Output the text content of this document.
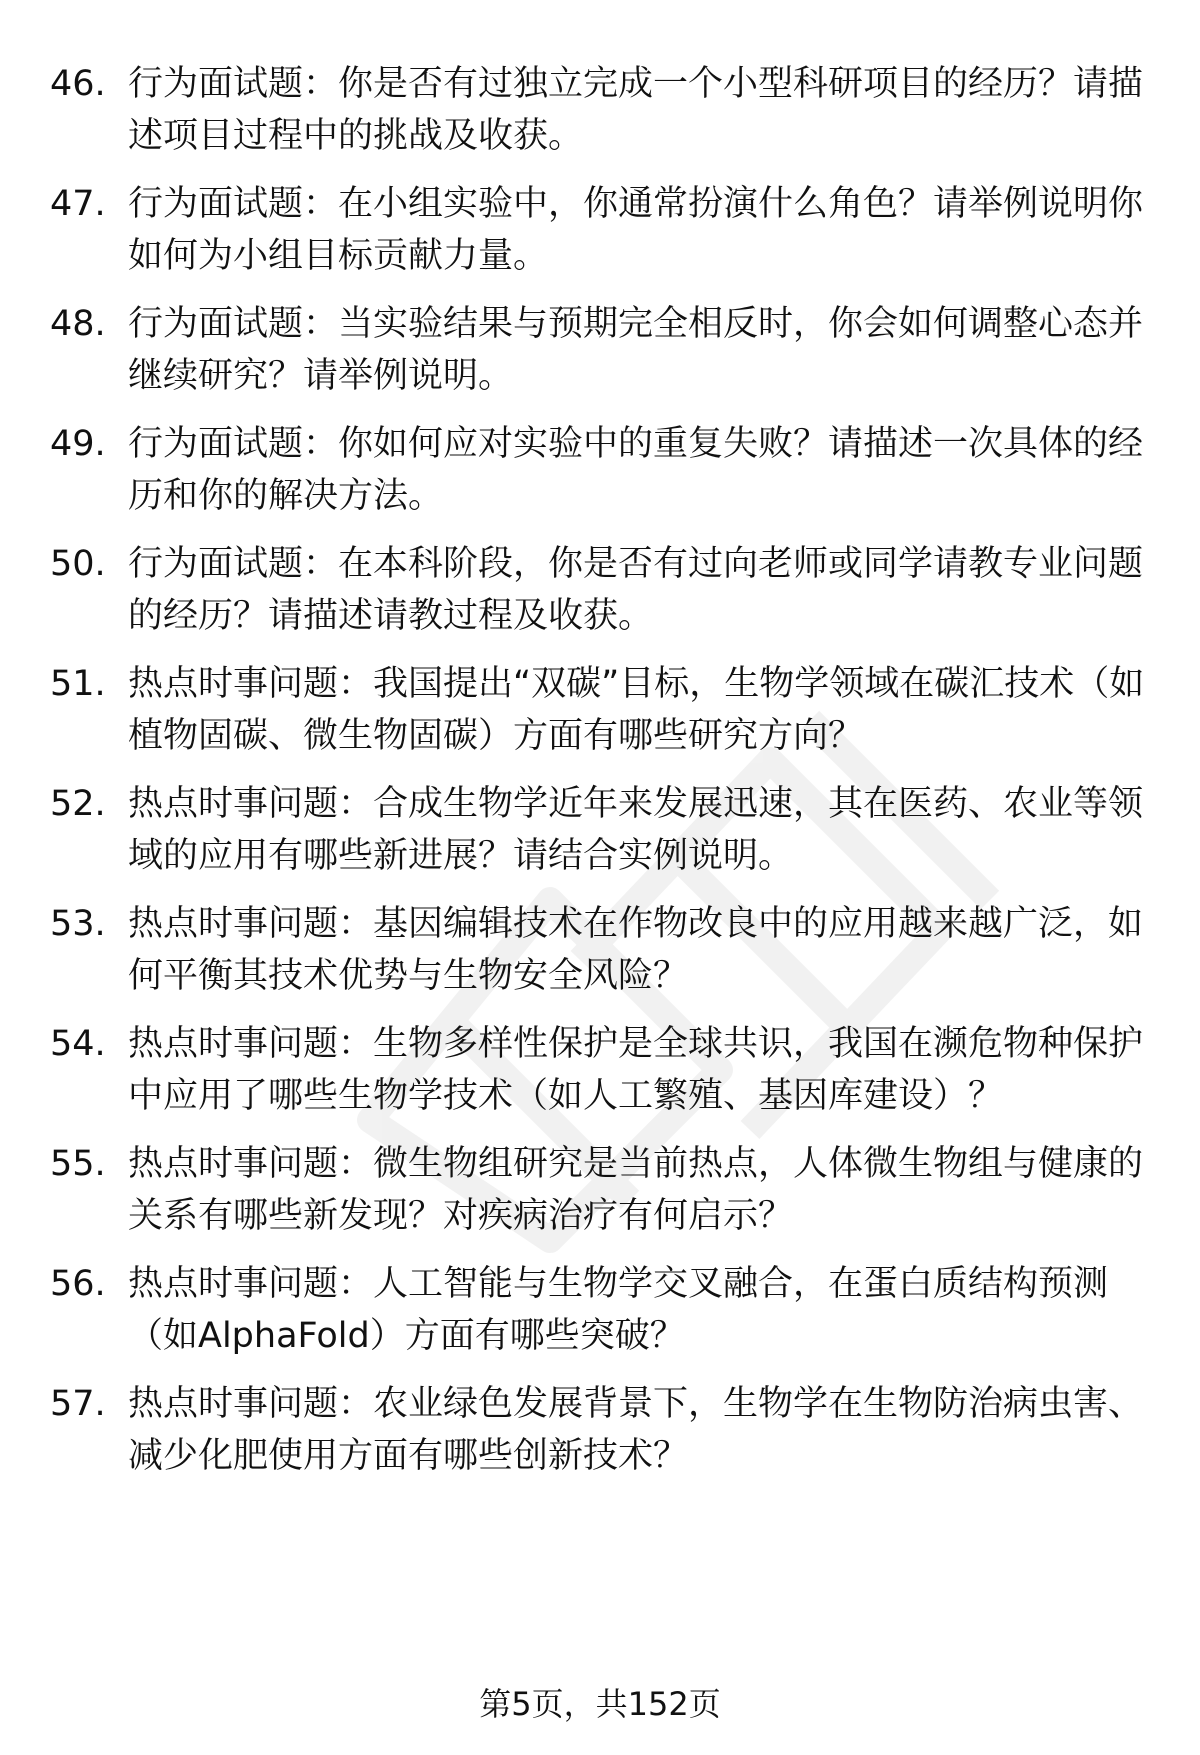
46. 行为面试题：你是否有过独立完成一个小型科研项目的经历？请描述项目过程中的挑战及收获。
47. 行为面试题：在小组实验中，你通常扮演什么角色？请举例说明你如何为小组目标贡献力量。
48. 行为面试题：当实验结果与预期完全相反时，你会如何调整心态并继续研究？请举例说明。
49. 行为面试题：你如何应对实验中的重复失败？请描述一次具体的经历和你的解决方法。
50. 行为面试题：在本科阶段，你是否有过向老师或同学请教专业问题的经历？请描述请教过程及收获。
51. 热点时事问题：我国提出“双碳”目标，生物学领域在碳汇技术（如植物固碳、微生物固碳）方面有哪些研究方向？
52. 热点时事问题：合成生物学近年来发展迅速，其在医药、农业等领域的应用有哪些新进展？请结合实例说明。
53. 热点时事问题：基因编辑技术在作物改良中的应用越来越广泛，如何平衡其技术优势与生物安全风险？
54. 热点时事问题：生物多样性保护是全球共识，我国在濒危物种保护中应用了哪些生物学技术（如人工繁殖、基因库建设）？
55. 热点时事问题：微生物组研究是当前热点，人体微生物组与健康的关系有哪些新发现？对疾病治疗有何启示？
56. 热点时事问题：人工智能与生物学交叉融合，在蛋白质结构预测（如AlphaFold）方面有哪些突破？
57. 热点时事问题：农业绿色发展背景下，生物学在生物防治病虫害、减少化肥使用方面有哪些创新技术？
第5页，共152页
